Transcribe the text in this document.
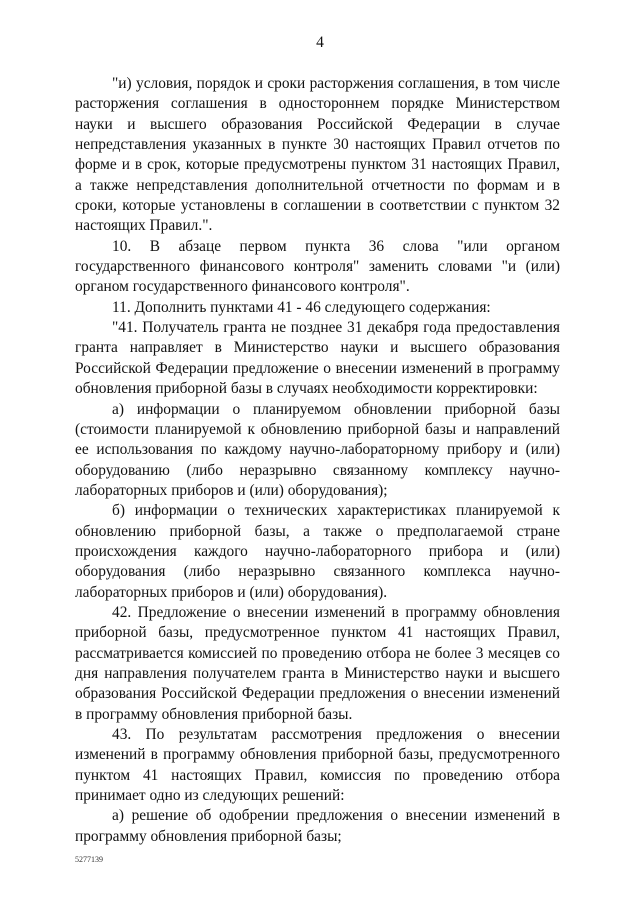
4

"и) условия, порядок и сроки расторжения соглашения, в том числе расторжения соглашения в одностороннем порядке Министерством науки и высшего образования Российской Федерации в случае непредставления указанных в пункте 30 настоящих Правил отчетов по форме и в срок, которые предусмотрены пунктом 31 настоящих Правил, а также непредставления дополнительной отчетности по формам и в сроки, которые установлены в соглашении в соответствии с пунктом 32 настоящих Правил.".

10. В абзаце первом пункта 36 слова "или органом государственного финансового контроля" заменить словами "и (или) органом государственного финансового контроля".

11. Дополнить пунктами 41 - 46 следующего содержания:

"41. Получатель гранта не позднее 31 декабря года предоставления гранта направляет в Министерство науки и высшего образования Российской Федерации предложение о внесении изменений в программу обновления приборной базы в случаях необходимости корректировки:

а) информации о планируемом обновлении приборной базы (стоимости планируемой к обновлению приборной базы и направлений ее использования по каждому научно-лабораторному прибору и (или) оборудованию (либо неразрывно связанному комплексу научно-лабораторных приборов и (или) оборудования);

б) информации о технических характеристиках планируемой к обновлению приборной базы, а также о предполагаемой стране происхождения каждого научно-лабораторного прибора и (или) оборудования (либо неразрывно связанного комплекса научно-лабораторных приборов и (или) оборудования).

42. Предложение о внесении изменений в программу обновления приборной базы, предусмотренное пунктом 41 настоящих Правил, рассматривается комиссией по проведению отбора не более 3 месяцев со дня направления получателем гранта в Министерство науки и высшего образования Российской Федерации предложения о внесении изменений в программу обновления приборной базы.

43. По результатам рассмотрения предложения о внесении изменений в программу обновления приборной базы, предусмотренного пунктом 41 настоящих Правил, комиссия по проведению отбора принимает одно из следующих решений:

а) решение об одобрении предложения о внесении изменений в программу обновления приборной базы;

5277139
